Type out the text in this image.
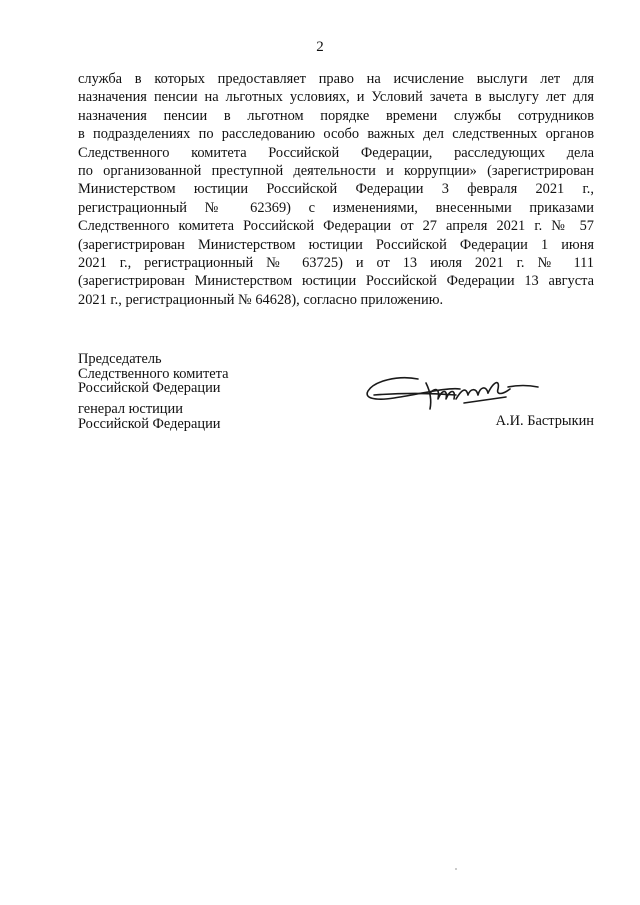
2
служба в которых предоставляет право на исчисление выслуги лет для
назначения пенсии на льготных условиях, и Условий зачета в выслугу лет для
назначения пенсии в льготном порядке времени службы сотрудников
в подразделениях по расследованию особо важных дел следственных органов
Следственного комитета Российской Федерации, расследующих дела
по организованной преступной деятельности и коррупции» (зарегистрирован
Министерством юстиции Российской Федерации 3 февраля 2021 г.,
регистрационный № 62369) с изменениями, внесенными приказами
Следственного комитета Российской Федерации от 27 апреля 2021 г. № 57
(зарегистрирован Министерством юстиции Российской Федерации 1 июня
2021 г., регистрационный № 63725) и от 13 июля 2021 г. № 111
(зарегистрирован Министерством юстиции Российской Федерации 13 августа
2021 г., регистрационный № 64628), согласно приложению.
Председатель
Следственного комитета
Российской Федерации
генерал юстиции
Российской Федерации	А.И. Бастрыкин
